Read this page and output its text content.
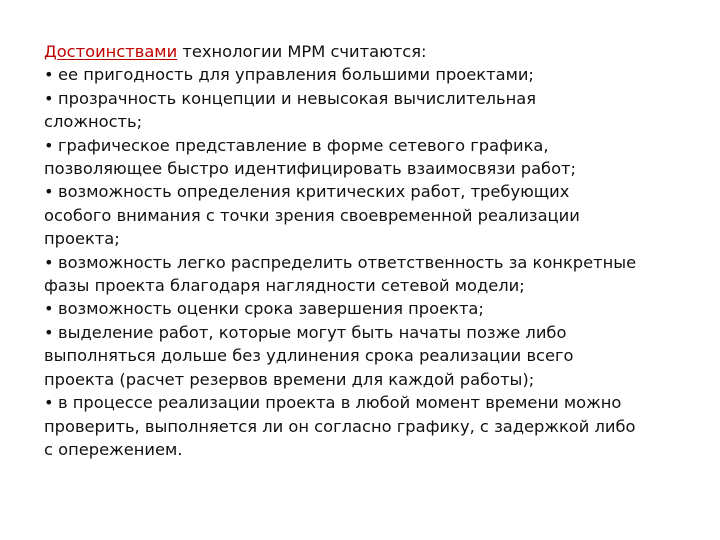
Достоинствами технологии МРМ считаются:
• ее пригодность для управления большими проектами;
• прозрачность концепции и невысокая вычислительная
сложность;
• графическое представление в форме сетевого графика,
позволяющее быстро идентифицировать взаимосвязи работ;
• возможность определения критических работ, требующих
особого внимания с точки зрения своевременной реализации
проекта;
• возможность легко распределить ответственность за конкретные
фазы проекта благодаря наглядности сетевой модели;
• возможность оценки срока завершения проекта;
• выделение работ, которые могут быть начаты позже либо
выполняться дольше без удлинения срока реализации всего
проекта (расчет резервов времени для каждой работы);
• в процессе реализации проекта в любой момент времени можно
проверить, выполняется ли он согласно графику, с задержкой либо
с опережением.
